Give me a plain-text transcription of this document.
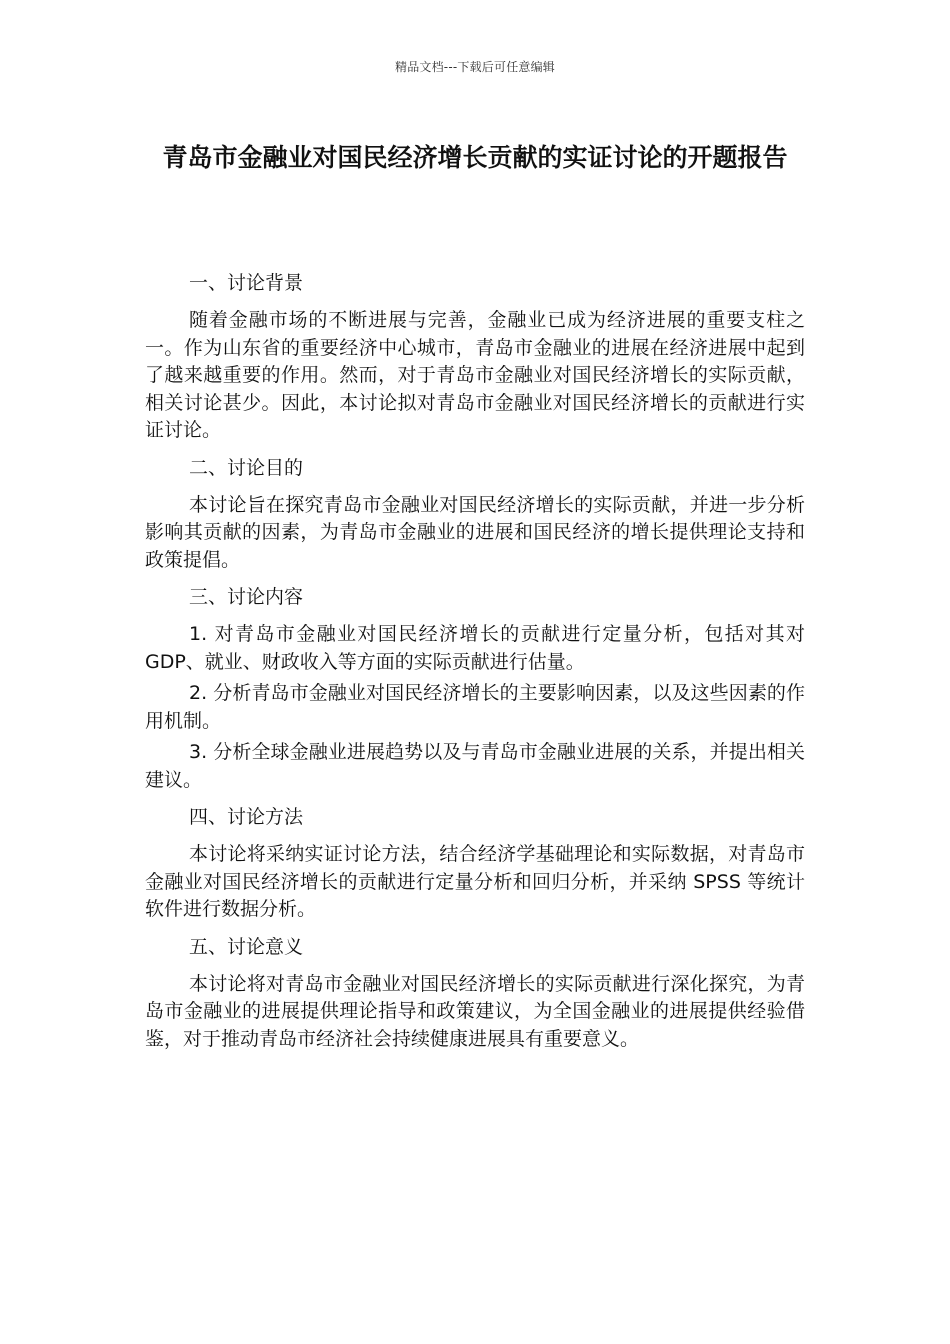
精品文档---下载后可任意编辑
青岛市金融业对国民经济增长贡献的实证讨论的开题报告
一、讨论背景

随着金融市场的不断进展与完善，金融业已成为经济进展的重要支柱之一。作为山东省的重要经济中心城市，青岛市金融业的进展在经济进展中起到了越来越重要的作用。然而，对于青岛市金融业对国民经济增长的实际贡献，相关讨论甚少。因此，本讨论拟对青岛市金融业对国民经济增长的贡献进行实证讨论。

二、讨论目的

本讨论旨在探究青岛市金融业对国民经济增长的实际贡献，并进一步分析影响其贡献的因素，为青岛市金融业的进展和国民经济的增长提供理论支持和政策提倡。

三、讨论内容

1. 对青岛市金融业对国民经济增长的贡献进行定量分析，包括对其对 GDP、就业、财政收入等方面的实际贡献进行估量。

2. 分析青岛市金融业对国民经济增长的主要影响因素，以及这些因素的作用机制。

3. 分析全球金融业进展趋势以及与青岛市金融业进展的关系，并提出相关建议。

四、讨论方法

本讨论将采纳实证讨论方法，结合经济学基础理论和实际数据，对青岛市金融业对国民经济增长的贡献进行定量分析和回归分析，并采纳 SPSS 等统计软件进行数据分析。

五、讨论意义

本讨论将对青岛市金融业对国民经济增长的实际贡献进行深化探究，为青岛市金融业的进展提供理论指导和政策建议，为全国金融业的进展提供经验借鉴，对于推动青岛市经济社会持续健康进展具有重要意义。
